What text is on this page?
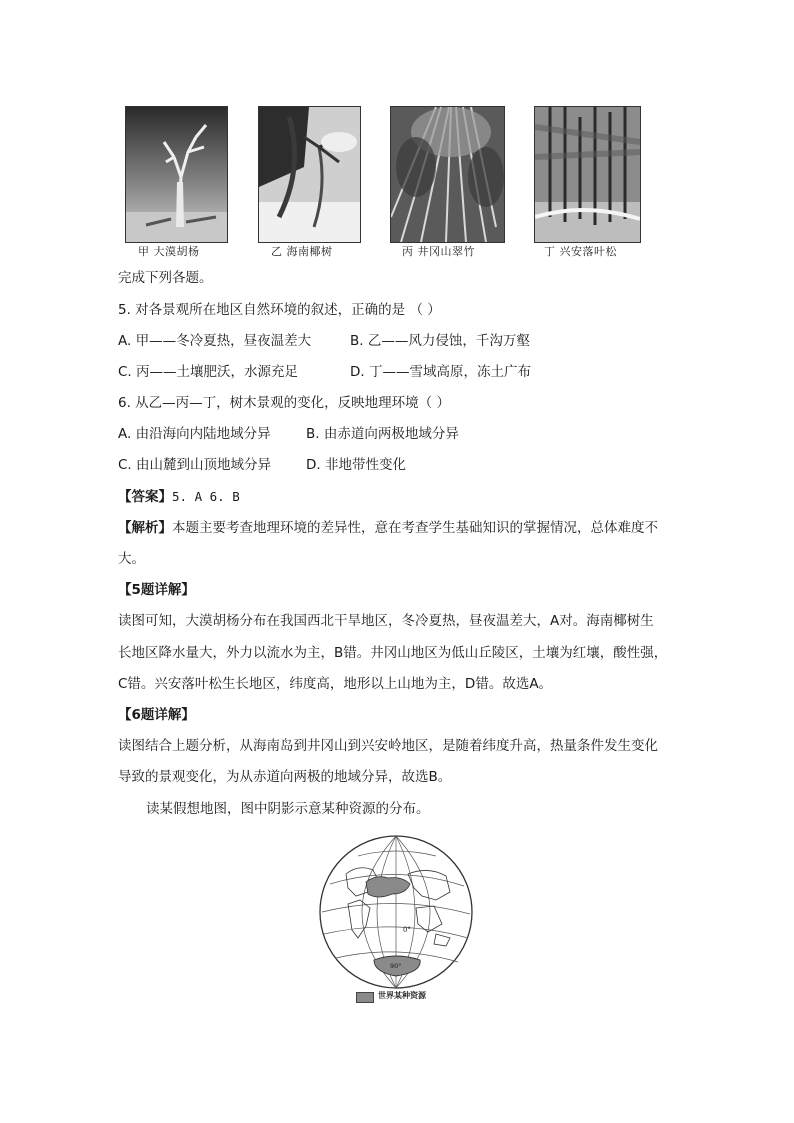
甲 大漠胡杨	乙 海南椰树	丙 井冈山翠竹	丁 兴安落叶松
完成下列各题。
5. 对各景观所在地区自然环境的叙述，正确的是 （ ）
A. 甲——冬冷夏热，昼夜温差大	B. 乙——风力侵蚀，千沟万壑
C. 丙——土壤肥沃，水源充足	D. 丁——雪域高原，冻土广布
6. 从乙—丙—丁，树木景观的变化，反映地理环境（ ）
A. 由沿海向内陆地域分异	B. 由赤道向两极地域分异
C. 由山麓到山顶地域分异	D. 非地带性变化
【答案】5. A 6. B
【解析】本题主要考查地理环境的差异性，意在考查学生基础知识的掌握情况，总体难度不
大。
【5题详解】
读图可知，大漠胡杨分布在我国西北干旱地区，冬冷夏热，昼夜温差大，A对。海南椰树生
长地区降水量大，外力以流水为主，B错。井冈山地区为低山丘陵区，土壤为红壤，酸性强，
C错。兴安落叶松生长地区，纬度高，地形以上山地为主，D错。故选A。
【6题详解】
读图结合上题分析，从海南岛到井冈山到兴安岭地区，是随着纬度升高，热量条件发生变化
导致的景观变化，为从赤道向两极的地域分异，故选B。
读某假想地图，图中阴影示意某种资源的分布。
0°
90°
世界某种资源
